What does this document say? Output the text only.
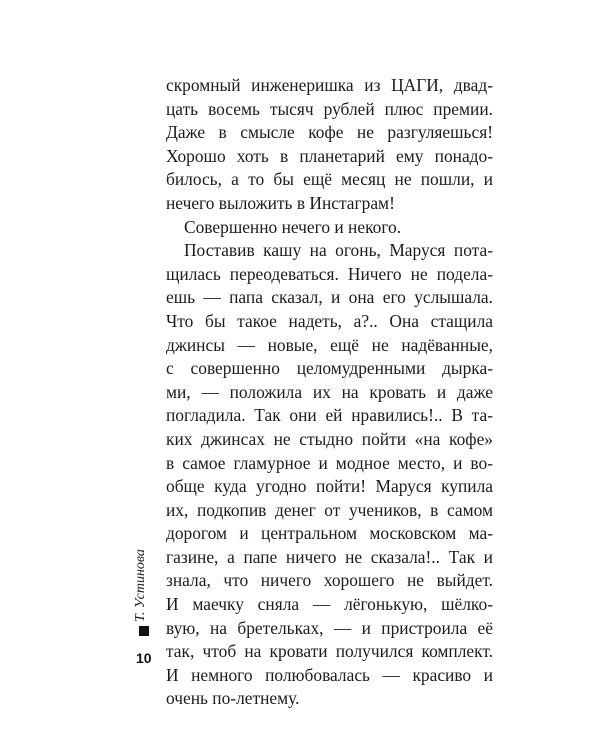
скромный инженеришка из ЦАГИ, двад-
цать восемь тысяч рублей плюс премии.
Даже в смысле кофе не разгуляешься!
Хорошо хоть в планетарий ему понадо-
билось, а то бы ещё месяц не пошли, и
нечего выложить в Инстаграм!
Совершенно нечего и некого.
Поставив кашу на огонь, Маруся пота-
щилась переодеваться. Ничего не подела-
ешь — папа сказал, и она его услышала.
Что бы такое надеть, а?.. Она стащила
джинсы — новые, ещё не надёванные,
с совершенно целомудренными дырка-
ми, — положила их на кровать и даже
погладила. Так они ей нравились!.. В та-
ких джинсах не стыдно пойти «на кофе»
в самое гламурное и модное место, и во-
обще куда угодно пойти! Маруся купила
их, подкопив денег от учеников, в самом
дорогом и центральном московском ма-
газине, а папе ничего не сказала!.. Так и
знала, что ничего хорошего не выйдет.
И маечку сняла — лёгонькую, шёлко-
вую, на бретельках, — и пристроила её
так, чтоб на кровати получился комплект.
И немного полюбовалась — красиво и
очень по-летнему.
Т. Устинова
10
